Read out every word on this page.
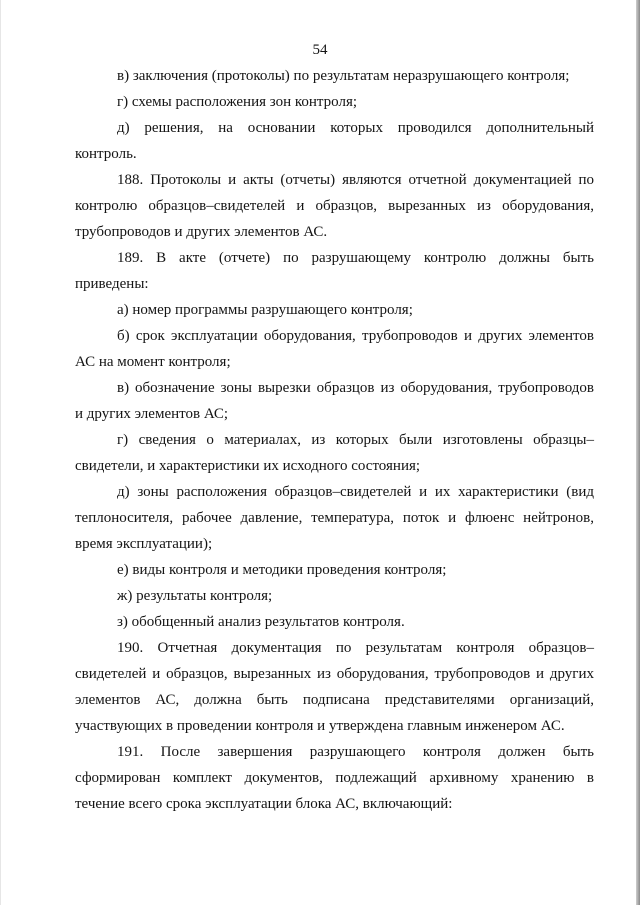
54
в) заключения (протоколы) по результатам неразрушающего контроля;
г) схемы расположения зон контроля;
д) решения, на основании которых проводился дополнительный
контроль.
188. Протоколы и акты (отчеты) являются отчетной документацией по
контролю образцов–свидетелей и образцов, вырезанных из оборудования,
трубопроводов и других элементов АС.
189. В акте (отчете) по разрушающему контролю должны быть
приведены:
а) номер программы разрушающего контроля;
б) срок эксплуатации оборудования, трубопроводов и других элементов
АС на момент контроля;
в) обозначение зоны вырезки образцов из оборудования, трубопроводов
и других элементов АС;
г) сведения о материалах, из которых были изготовлены образцы–
свидетели, и характеристики их исходного состояния;
д) зоны расположения образцов–свидетелей и их характеристики (вид
теплоносителя, рабочее давление, температура, поток и флюенс нейтронов,
время эксплуатации);
е) виды контроля и методики проведения контроля;
ж) результаты контроля;
з) обобщенный анализ результатов контроля.
190. Отчетная документация по результатам контроля образцов–
свидетелей и образцов, вырезанных из оборудования, трубопроводов и других
элементов АС, должна быть подписана представителями организаций,
участвующих в проведении контроля и утверждена главным инженером АС.
191. После завершения разрушающего контроля должен быть
сформирован комплект документов, подлежащий архивному хранению в
течение всего срока эксплуатации блока АС, включающий:
